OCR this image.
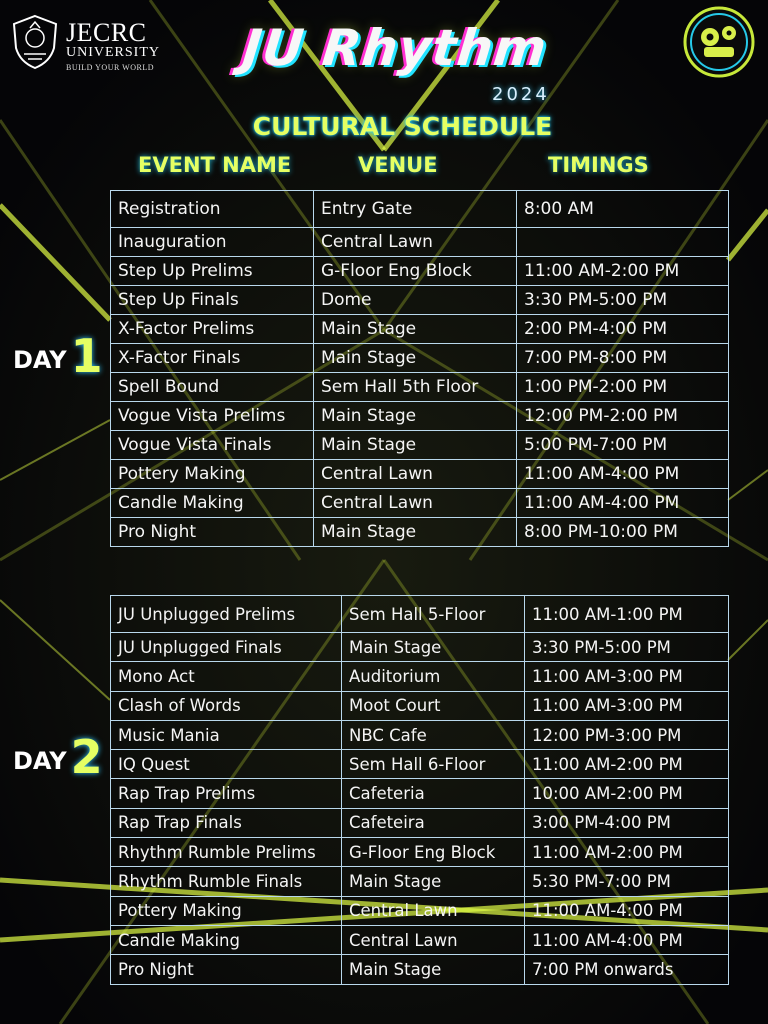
JECRC
UNIVERSITY
BUILD YOUR WORLD	JU Rhythm
2024
CULTURAL SCHEDULE
EVENT NAME	VENUE	TIMINGS
DAY1
Registration	Entry Gate	8:00 AM
Inauguration	Central Lawn	
Step Up Prelims	G-Floor Eng Block	11:00 AM-2:00 PM
Step Up Finals	Dome	3:30 PM-5:00 PM
X-Factor Prelims	Main Stage	2:00 PM-4:00 PM
X-Factor Finals	Main Stage	7:00 PM-8:00 PM
Spell Bound	Sem Hall 5th Floor	1:00 PM-2:00 PM
Vogue Vista Prelims	Main Stage	12:00 PM-2:00 PM
Vogue Vista Finals	Main Stage	5:00 PM-7:00 PM
Pottery Making	Central Lawn	11:00 AM-4:00 PM
Candle Making	Central Lawn	11:00 AM-4:00 PM
Pro Night	Main Stage	8:00 PM-10:00 PM
DAY2
JU Unplugged Prelims	Sem Hall 5-Floor	11:00 AM-1:00 PM
JU Unplugged Finals	Main Stage	3:30 PM-5:00 PM
Mono Act	Auditorium	11:00 AM-3:00 PM
Clash of Words	Moot Court	11:00 AM-3:00 PM
Music Mania	NBC Cafe	12:00 PM-3:00 PM
IQ Quest	Sem Hall 6-Floor	11:00 AM-2:00 PM
Rap Trap Prelims	Cafeteria	10:00 AM-2:00 PM
Rap Trap Finals	Cafeteira	3:00 PM-4:00 PM
Rhythm Rumble Prelims	G-Floor Eng Block	11:00 AM-2:00 PM
Rhythm Rumble Finals	Main Stage	5:30 PM-7:00 PM
Pottery Making	Central Lawn	11:00 AM-4:00 PM
Candle Making	Central Lawn	11:00 AM-4:00 PM
Pro Night	Main Stage	7:00 PM onwards
